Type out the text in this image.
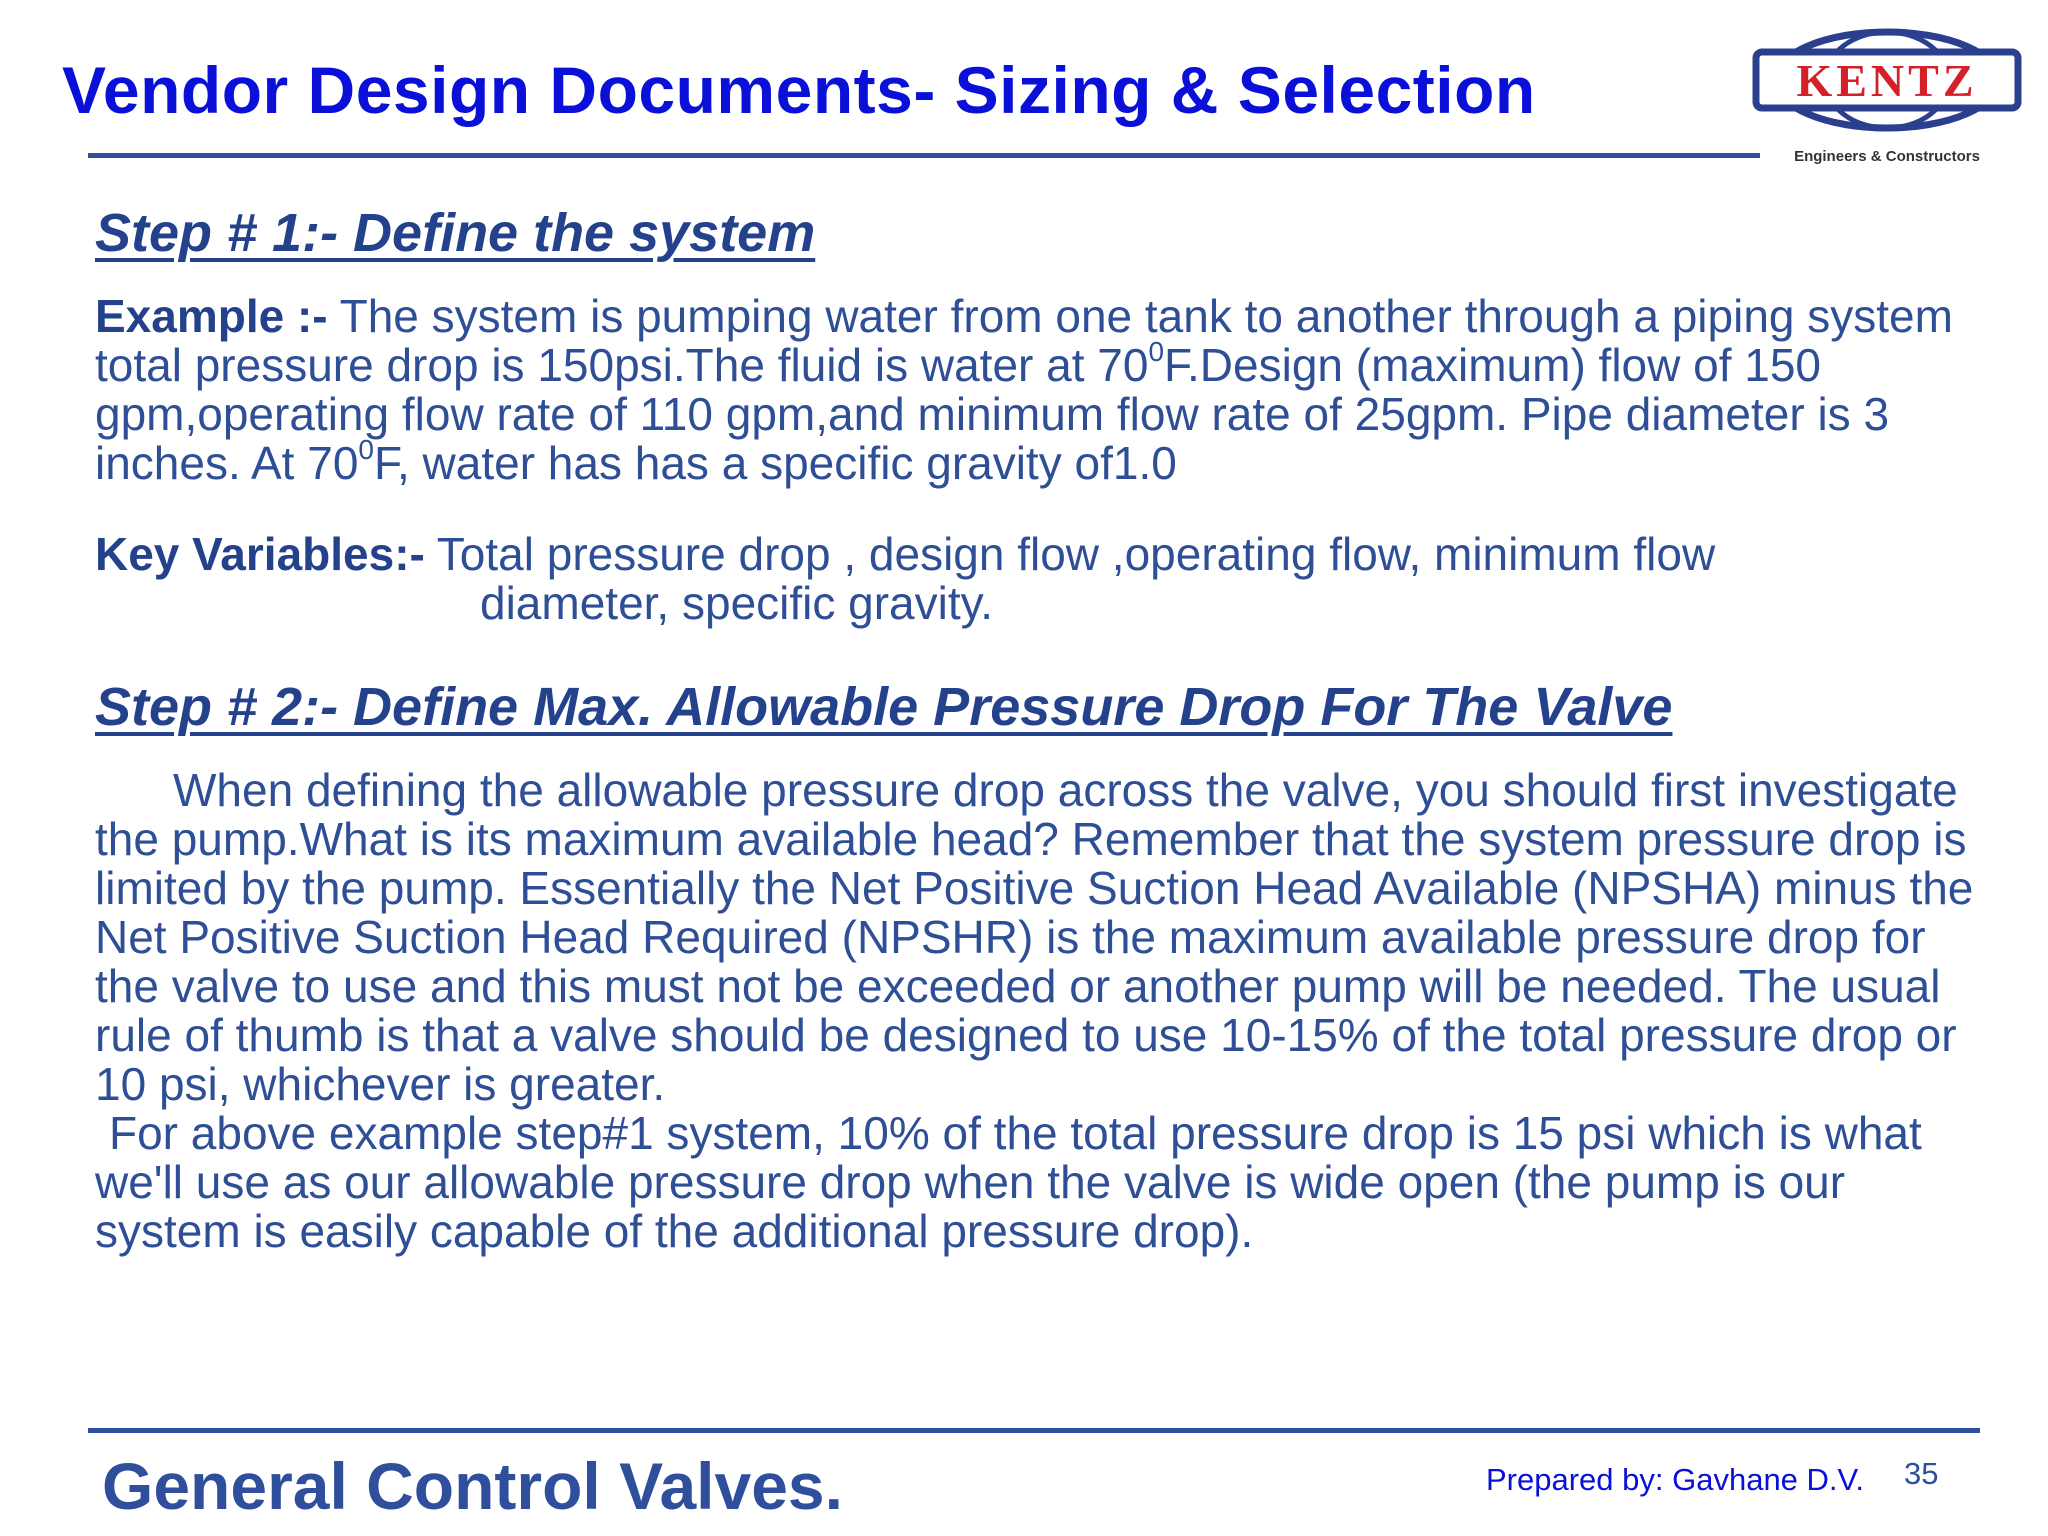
Vendor Design Documents- Sizing & Selection	KENTZ
Engineers & Constructors
Step # 1:- Define the system
Example :- The system is pumping water from one tank to another through a piping system total pressure drop is 150psi.The fluid is water at $70^0F.Design$ (maximum) flow of 150 gpm,operating flow rate of 110 gpm,and minimum flow rate of 25gpm. Pipe diameter is 3 inches. At $70^0F$, water has has a specific gravity of1.0
Key Variables:- Total pressure drop , design flow ,operating flow, minimum flow
diameter, specific gravity.
Step # 2:- Define Max. Allowable Pressure Drop For The Valve
When defining the allowable pressure drop across the valve, you should first investigate the pump.What is its maximum available head? Remember that the system pressure drop is limited by the pump. Essentially the Net Positive Suction Head Available (NPSHA) minus the Net Positive Suction Head Required (NPSHR) is the maximum available pressure drop for the valve to use and this must not be exceeded or another pump will be needed. The usual rule of thumb is that a valve should be designed to use 10-15% of the total pressure drop or 10 psi, whichever is greater.
For above example step#1 system, 10% of the total pressure drop is 15 psi which is what we'll use as our allowable pressure drop when the valve is wide open (the pump is our system is easily capable of the additional pressure drop).
General Control Valves.	Prepared by: Gavhane D.V. 35
